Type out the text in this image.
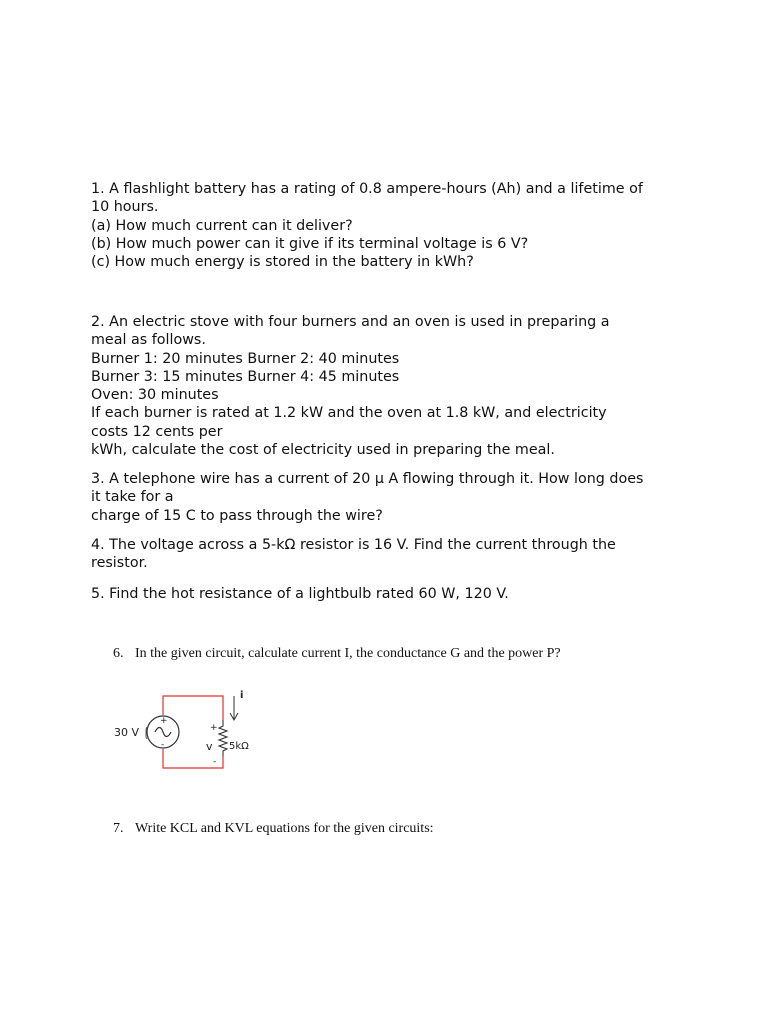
1. A flashlight battery has a rating of 0.8 ampere-hours (Ah) and a lifetime of
10 hours.
(a) How much current can it deliver?
(b) How much power can it give if its terminal voltage is 6 V?
(c) How much energy is stored in the battery in kWh?
2. An electric stove with four burners and an oven is used in preparing a
meal as follows.
Burner 1: 20 minutes Burner 2: 40 minutes
Burner 3: 15 minutes Burner 4: 45 minutes
Oven: 30 minutes
If each burner is rated at 1.2 kW and the oven at 1.8 kW, and electricity
costs 12 cents per
kWh, calculate the cost of electricity used in preparing the meal.
3. A telephone wire has a current of 20 μ A flowing through it. How long does
it take for a
charge of 15 C to pass through the wire?
4. The voltage across a 5-kΩ resistor is 16 V. Find the current through the
resistor.
5. Find the hot resistance of a lightbulb rated 60 W, 120 V.
6. In the given circuit, calculate current I, the conductance G and the power P?
+
-
30 V
5kΩ
+
v
-
i
7. Write KCL and KVL equations for the given circuits:
